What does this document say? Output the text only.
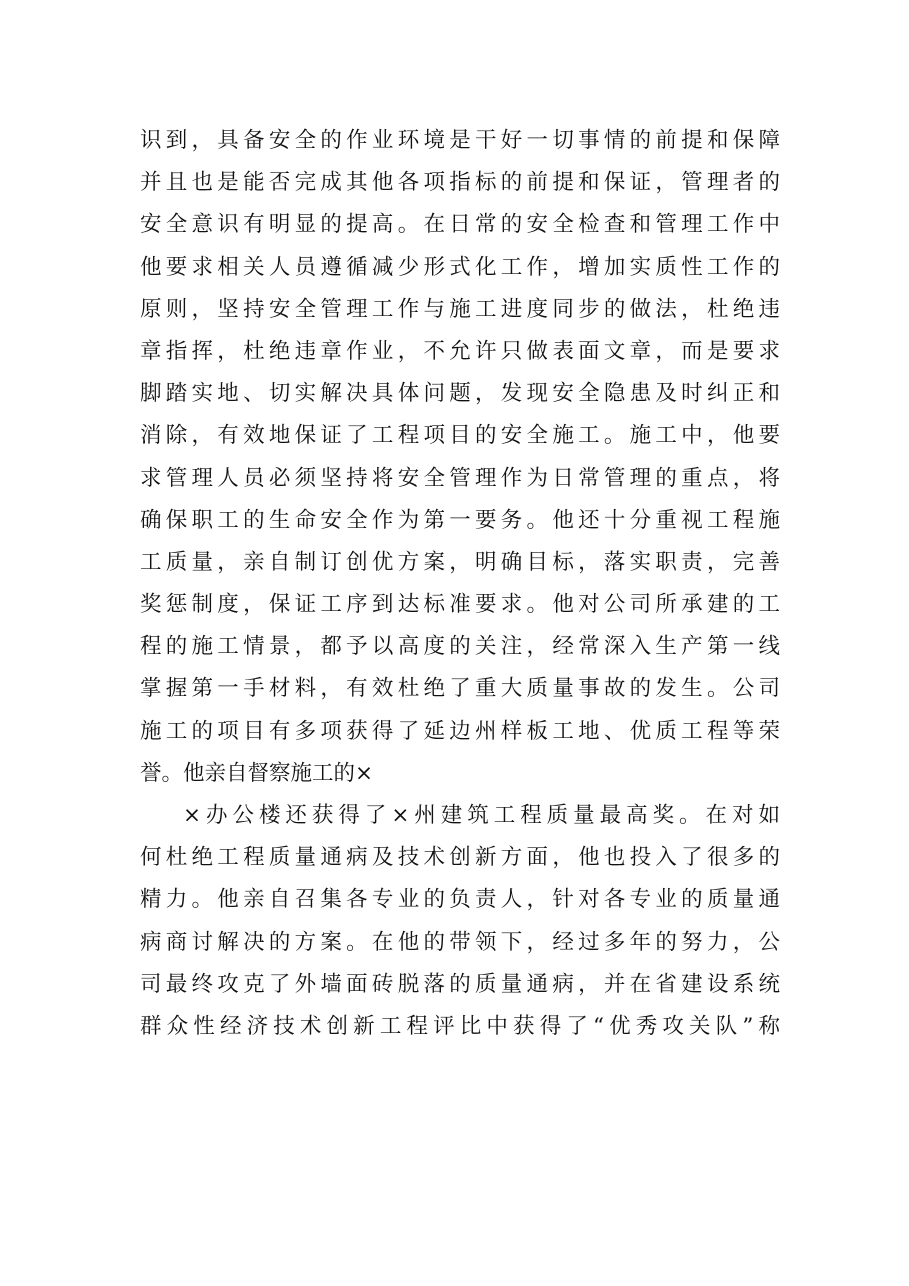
识到，具备安全的作业环境是干好一切事情的前提和保障
并且也是能否完成其他各项指标的前提和保证，管理者的
安全意识有明显的提高。在日常的安全检查和管理工作中
他要求相关人员遵循减少形式化工作，增加实质性工作的
原则，坚持安全管理工作与施工进度同步的做法，杜绝违
章指挥，杜绝违章作业，不允许只做表面文章，而是要求
脚踏实地、切实解决具体问题，发现安全隐患及时纠正和
消除，有效地保证了工程项目的安全施工。施工中，他要
求管理人员必须坚持将安全管理作为日常管理的重点，将
确保职工的生命安全作为第一要务。他还十分重视工程施
工质量，亲自制订创优方案，明确目标，落实职责，完善
奖惩制度，保证工序到达标准要求。他对公司所承建的工
程的施工情景，都予以高度的关注，经常深入生产第一线
掌握第一手材料，有效杜绝了重大质量事故的发生。公司
施工的项目有多项获得了延边州样板工地、优质工程等荣
誉。他亲自督察施工的×
×办公楼还获得了×州建筑工程质量最高奖。在对如
何杜绝工程质量通病及技术创新方面，他也投入了很多的
精力。他亲自召集各专业的负责人，针对各专业的质量通
病商讨解决的方案。在他的带领下，经过多年的努力，公
司最终攻克了外墙面砖脱落的质量通病，并在省建设系统
群众性经济技术创新工程评比中获得了“优秀攻关队”称
